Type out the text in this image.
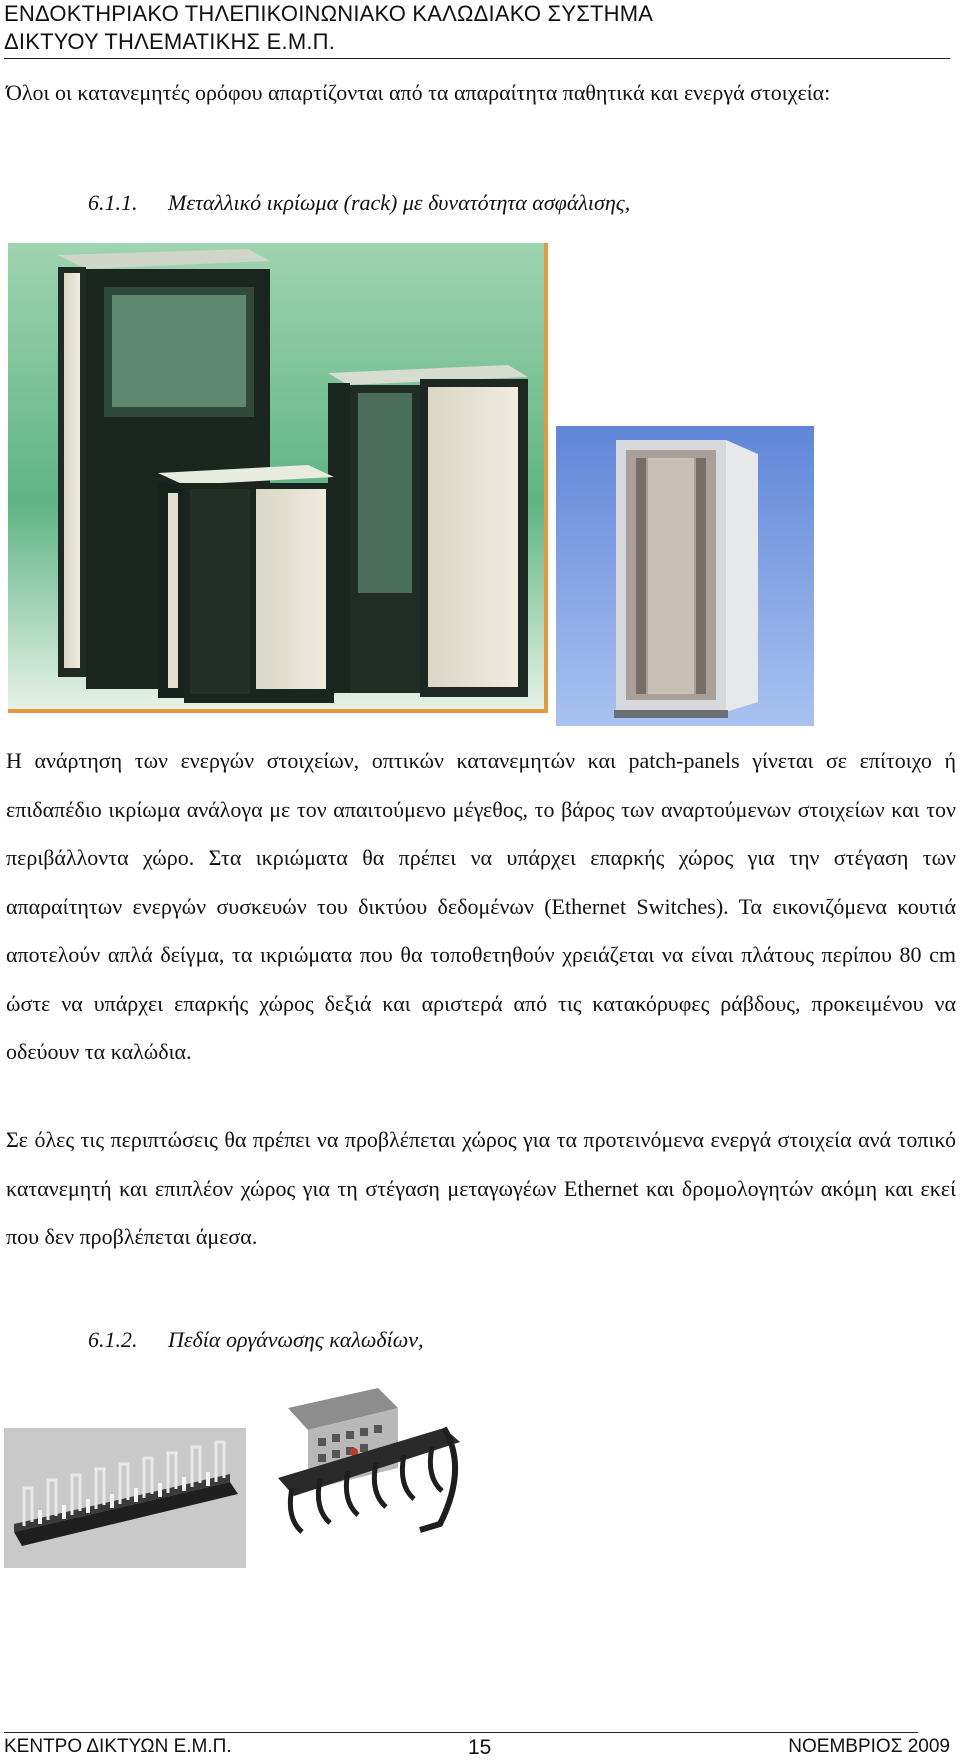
ΕΝΔΟΚΤΗΡΙΑΚΟ ΤΗΛΕΠΙΚΟΙΝΩΝΙΑΚΟ ΚΑΛΩΔΙΑΚΟ ΣΥΣΤΗΜΑ
ΔΙΚΤΥΟΥ ΤΗΛΕΜΑΤΙΚΗΣ Ε.Μ.Π.

Όλοι οι κατανεμητές ορόφου απαρτίζονται από τα απαραίτητα παθητικά και ενεργά στοιχεία:

6.1.1. Μεταλλικό ικρίωμα (rack) με δυνατότητα ασφάλισης,

Η ανάρτηση των ενεργών στοιχείων, οπτικών κατανεμητών και patch-panels γίνεται σε επίτοιχο ή επιδαπέδιο ικρίωμα ανάλογα με τον απαιτούμενο μέγεθος, το βάρος των αναρτούμενων στοιχείων και τον περιβάλλοντα χώρο. Στα ικριώματα θα πρέπει να υπάρχει επαρκής χώρος για την στέγαση των απαραίτητων ενεργών συσκευών του δικτύου δεδομένων (Ethernet Switches). Τα εικονιζόμενα κουτιά αποτελούν απλά δείγμα, τα ικριώματα που θα τοποθετηθούν χρειάζεται να είναι πλάτους περίπου 80 cm ώστε να υπάρχει επαρκής χώρος δεξιά και αριστερά από τις κατακόρυφες ράβδους, προκειμένου να οδεύουν τα καλώδια.

Σε όλες τις περιπτώσεις θα πρέπει να προβλέπεται χώρος για τα προτεινόμενα ενεργά στοιχεία ανά τοπικό κατανεμητή και επιπλέον χώρος για τη στέγαση μεταγωγέων Ethernet και δρομολογητών ακόμη και εκεί που δεν προβλέπεται άμεσα.

6.1.2. Πεδία οργάνωσης καλωδίων,

ΚΕΝΤΡΟ ΔΙΚΤΥΩΝ Ε.Μ.Π.	15	ΝΟΕΜΒΡΙΟΣ 2009
